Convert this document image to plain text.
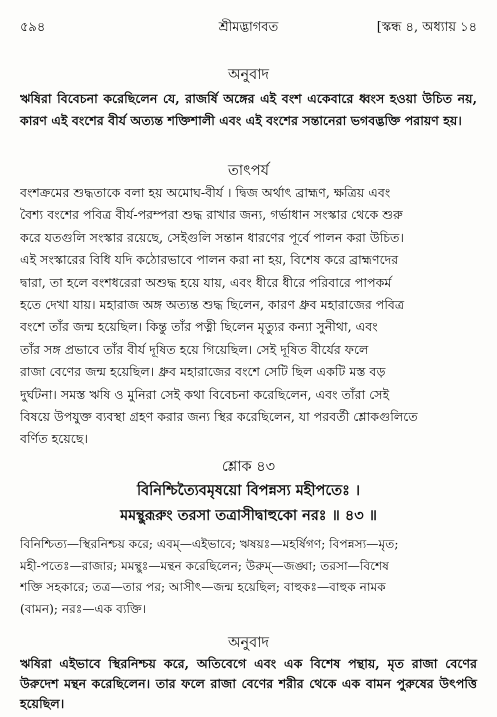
৫৯৪	শ্রীমদ্ভাগবত	[স্কন্ধ ৪, অধ্যায় ১৪
অনুবাদ
ঋষিরা বিবেচনা করেছিলেন যে, রাজর্ষি অঙ্গের এই বংশ একেবারে ধ্বংস হওয়া উচিত নয়, কারণ এই বংশের বীর্য অত্যন্ত শক্তিশালী এবং এই বংশের সন্তানেরা ভগবদ্ভক্তি পরায়ণ হয়।
তাৎপর্য
বংশক্রমের শুদ্ধতাকে বলা হয় অমোঘ-বীর্য । দ্বিজ অর্থাৎ ব্রাহ্মণ, ক্ষত্রিয় এবং
বৈশ্য বংশের পবিত্র বীর্য-পরম্পরা শুদ্ধ রাখার জন্য, গর্ভাধান সংস্কার থেকে শুরু
করে যতগুলি সংস্কার রয়েছে, সেইগুলি সন্তান ধারণের পূর্বে পালন করা উচিত।
এই সংস্কারের বিধি যদি কঠোরভাবে পালন করা না হয়, বিশেষ করে ব্রাহ্মণদের
দ্বারা, তা হলে বংশধরেরা অশুদ্ধ হয়ে যায়, এবং ধীরে ধীরে পরিবারে পাপকর্ম
হতে দেখা যায়। মহারাজ অঙ্গ অত্যন্ত শুদ্ধ ছিলেন, কারণ ধ্রুব মহারাজের পবিত্র
বংশে তাঁর জন্ম হয়েছিল। কিন্তু তাঁর পত্নী ছিলেন মৃত্যুর কন্যা সুনীথা, এবং
তাঁর সঙ্গ প্রভাবে তাঁর বীর্য দূষিত হয়ে গিয়েছিল। সেই দূষিত বীর্যের ফলে
রাজা বেণের জন্ম হয়েছিল। ধ্রুব মহারাজের বংশে সেটি ছিল একটি মস্ত বড়
দুর্ঘটনা। সমস্ত ঋষি ও মুনিরা সেই কথা বিবেচনা করেছিলেন, এবং তাঁরা সেই
বিষয়ে উপযুক্ত ব্যবস্থা গ্রহণ করার জন্য স্থির করেছিলেন, যা পরবর্তী শ্লোকগুলিতে
বর্ণিত হয়েছে।
শ্লোক ৪৩
বিনিশ্চিত্যৈবমৃষয়ো বিপন্নস্য মহীপতেঃ ।
মমন্থুরূরুং তরসা তত্রাসীদ্বাহুকো নরঃ ॥ ৪৩ ॥
বিনিশ্চিত্য—স্থিরনিশ্চয় করে; এবম্—এইভাবে; ঋষয়ঃ—মহর্ষিগণ; বিপন্নস্য—মৃত;
মহী-পতেঃ—রাজার; মমন্থুঃ—মন্থন করেছিলেন; উরুম্—জঙ্ঘা; তরসা—বিশেষ
শক্তি সহকারে; তত্র—তার পর; আসীৎ—জন্ম হয়েছিল; বাহুকঃ—বাহুক নামক
(বামন); নরঃ—এক ব্যক্তি।
অনুবাদ
ঋষিরা এইভাবে স্থিরনিশ্চয় করে, অতিবেগে এবং এক বিশেষ পন্থায়, মৃত রাজা বেণের উরুদেশ মন্থন করেছিলেন। তার ফলে রাজা বেণের শরীর থেকে এক বামন পুরুষের উৎপত্তি হয়েছিল।
